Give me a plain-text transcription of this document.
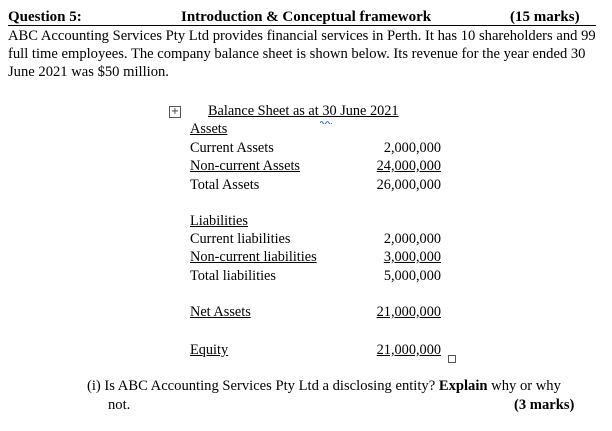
Question 5:	Introduction & Conceptual framework	(15 marks)
ABC Accounting Services Pty Ltd provides financial services in Perth. It has 10 shareholders and 99 full time employees. The company balance sheet is shown below. Its revenue for the year ended 30 June 2021 was $50 million.
+ Balance Sheet as at 30 June 2021
Assets
Current Assets	2,000,000
Non-current Assets	24,000,000
Total Assets	26,000,000
Liabilities
Current liabilities	2,000,000
Non-current liabilities	3,000,000
Total liabilities	5,000,000
Net Assets	21,000,000
Equity	21,000,000
(i) Is ABC Accounting Services Pty Ltd a disclosing entity? Explain why or why
not.	(3 marks)
